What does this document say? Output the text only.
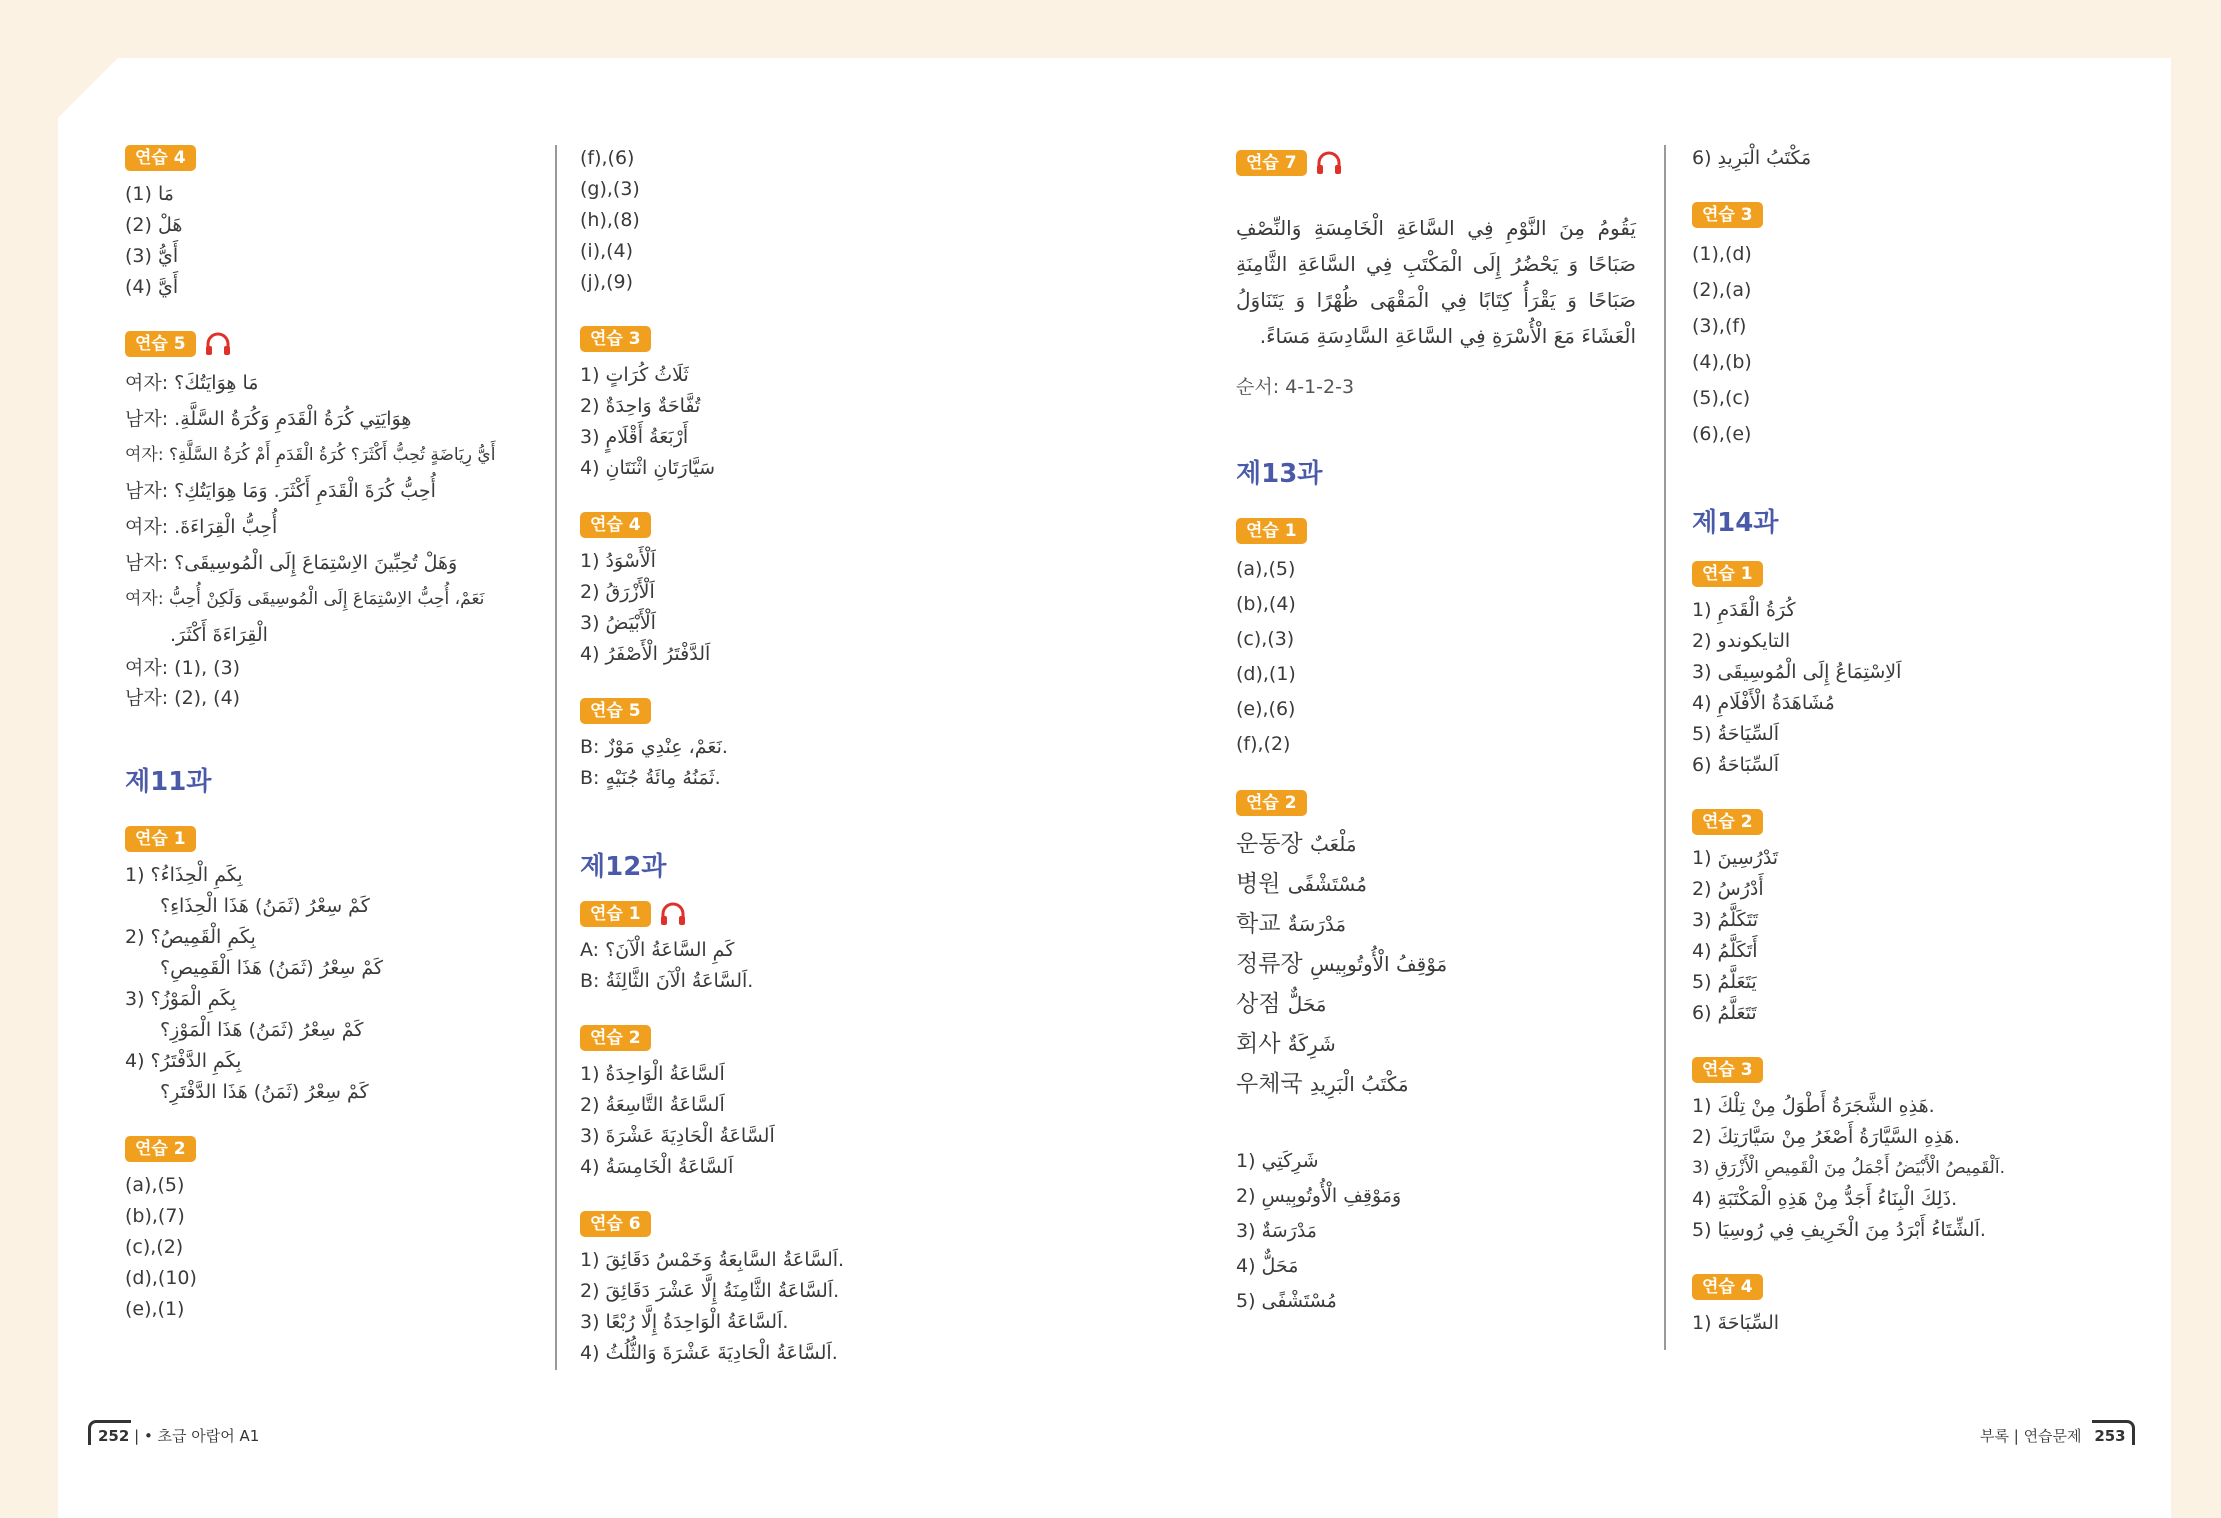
연습 4
(1) مَا
(2) هَلْ
(3) أَيُّ
(4) أَيَّ
연습 5
여자: مَا هِوَايَتُكَ؟
남자: هِوَايَتِي كُرَةُ الْقَدَمِ وَكُرَةُ السَّلَّةِ.
여자: أَيُّ رِيَاضَةٍ تُحِبُّ أَكْثَرَ؟ كُرَةُ الْقَدَمِ أَمْ كُرَةُ السَّلَّةِ؟
남자: أُحِبُّ كُرَةَ الْقَدَمِ أَكْثَرَ. وَمَا هِوَايَتُكِ؟
여자: أُحِبُّ الْقِرَاءَةَ.
남자: وَهَلْ تُحِبِّينَ الاِسْتِمَاعَ إِلَى الْمُوسِيقَى؟
여자: نَعَمْ، أُحِبُّ الاِسْتِمَاعَ إِلَى الْمُوسِيقَى وَلَكِنْ أُحِبُّ
الْقِرَاءَةَ أَكْثَرَ.
여자: (1), (3)
남자: (2), (4)
제11과
연습 1
1) بِكَمِ الْحِذَاءُ؟
كَمْ سِعْرُ (ثَمَنُ) هَذَا الْحِذَاءِ؟
2) بِكَمِ الْقَمِيصُ؟
كَمْ سِعْرُ (ثَمَنُ) هَذَا الْقَمِيصِ؟
3) بِكَمِ الْمَوْزُ؟
كَمْ سِعْرُ (ثَمَنُ) هَذَا الْمَوْزِ؟
4) بِكَمِ الدَّفْتَرُ؟
كَمْ سِعْرُ (ثَمَنُ) هَذَا الدَّفْتَرِ؟
연습 2
(a),(5)
(b),(7)
(c),(2)
(d),(10)
(e),(1)
(f),(6)
(g),(3)
(h),(8)
(i),(4)
(j),(9)
연습 3
1) ثَلَاثُ كُرَاتٍ
2) تُفَّاحَةٌ وَاحِدَةٌ
3) أَرْبَعَةُ أَقْلَامٍ
4) سَيَّارَتَانِ اثْنَتَانِ
연습 4
1) اَلْأَسْوَدُ
2) اَلْأَزْرَقُ
3) اَلْأَبْيَضُ
4) اَلدَّفْتَرُ الْأَصْفَرُ
연습 5
B: نَعَمْ، عِنْدِي مَوْزٌ.
B: ثَمَنُهُ مِائَةُ جُنَيْهٍ.
제12과
연습 1
A: كَمِ السَّاعَةُ الْآنَ؟
B: اَلسَّاعَةُ الْآنَ الثَّالِثَةُ.
연습 2
1) اَلسَّاعَةُ الْوَاحِدَةُ
2) اَلسَّاعَةُ التَّاسِعَةُ
3) اَلسَّاعَةُ الْحَادِيَةَ عَشْرَةَ
4) اَلسَّاعَةُ الْخَامِسَةُ
연습 6
1) اَلسَّاعَةُ السَّابِعَةُ وَخَمْسُ دَقَائِقَ.
2) اَلسَّاعَةُ الثَّامِنَةُ إِلَّا عَشْرَ دَقَائِقَ.
3) اَلسَّاعَةُ الْوَاحِدَةُ إِلَّا رُبْعًا.
4) اَلسَّاعَةُ الْحَادِيَةَ عَشْرَةَ وَالثُّلُثُ.
연습 7
يَقُومُ مِنَ النَّوْمِ فِي السَّاعَةِ الْخَامِسَةِ وَالنِّصْفِ صَبَاحًا وَ يَحْضُرُ إِلَى الْمَكْتَبِ فِي السَّاعَةِ الثَّامِنَةِ صَبَاحًا وَ يَقْرَأُ كِتَابًا فِي الْمَقْهَى ظُهْرًا وَ يَتَنَاوَلُ الْعَشَاءَ مَعَ الْأُسْرَةِ فِي السَّاعَةِ السَّادِسَةِ مَسَاءً.
순서: 4-1-2-3
제13과
연습 1
(a),(5)
(b),(4)
(c),(3)
(d),(1)
(e),(6)
(f),(2)
연습 2
운동장 مَلْعَبٌ
병원 مُسْتَشْفًى
학교 مَدْرَسَةٌ
정류장 مَوْقِفُ الْأُوتُوبِيسِ
상점 مَحَلٌّ
회사 شَرِكَةٌ
우체국 مَكْتَبُ الْبَرِيدِ
1) شَرِكَتِي
2) وَمَوْقِفِ الْأُوتُوبِيسِ
3) مَدْرَسَةٌ
4) مَحَلٌّ
5) مُسْتَشْفًى
6) مَكْتَبُ الْبَرِيدِ
연습 3
(1),(d)
(2),(a)
(3),(f)
(4),(b)
(5),(c)
(6),(e)
제14과
연습 1
1) كُرَةُ الْقَدَمِ
2) التايكوندو
3) اَلاِسْتِمَاعُ إِلَى الْمُوسِيقَى
4) مُشَاهَدَةُ الْأَفْلَامِ
5) اَلسِّيَاحَةُ
6) اَلسِّبَاحَةُ
연습 2
1) تَدْرُسِينَ
2) أَدْرُسُ
3) تَتَكَلَّمُ
4) أَتَكَلَّمُ
5) يَتَعَلَّمُ
6) تَتَعَلَّمُ
연습 3
1) هَذِهِ الشَّجَرَةُ أَطْوَلُ مِنْ تِلْكَ.
2) هَذِهِ السَّيَّارَةُ أَصْغَرُ مِنْ سَيَّارَتِكَ.
3) اَلْقَمِيصُ الْأَبْيَضُ أَجْمَلُ مِنَ الْقَمِيصِ الْأَزْرَقِ.
4) ذَلِكَ الْبِنَاءُ أَجَدُّ مِنْ هَذِهِ الْمَكْتَبَةِ.
5) اَلشِّتَاءُ أَبْرَدُ مِنَ الْخَرِيفِ فِي رُوسِيَا.
연습 4
1) السِّبَاحَةَ
252 | • 초급 아랍어 A1	부록 | 연습문제 253
